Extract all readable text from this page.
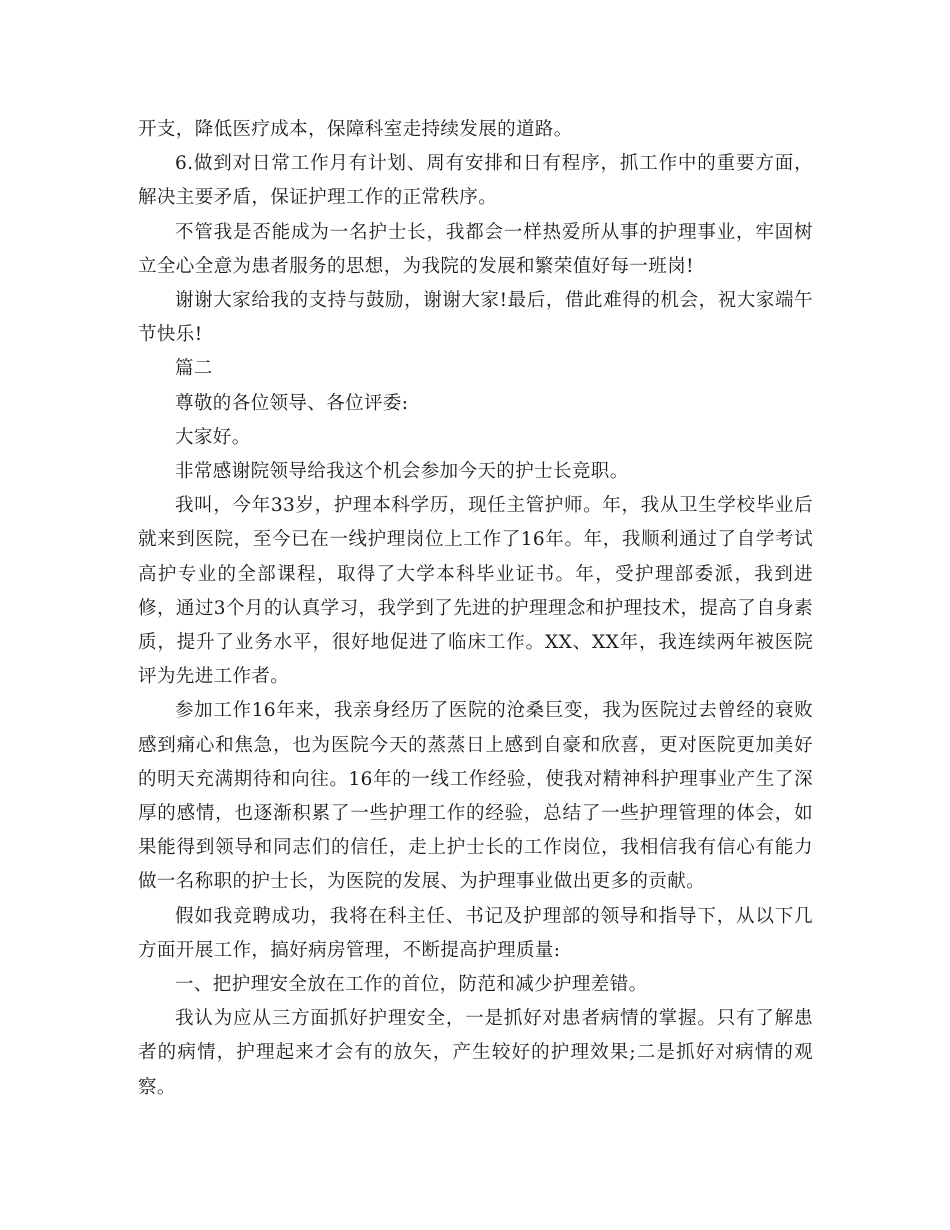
开支，降低医疗成本，保障科室走持续发展的道路。

6.做到对日常工作月有计划、周有安排和日有程序，抓工作中的重要方面，解决主要矛盾，保证护理工作的正常秩序。

不管我是否能成为一名护士长，我都会一样热爱所从事的护理事业，牢固树立全心全意为患者服务的思想，为我院的发展和繁荣值好每一班岗!

谢谢大家给我的支持与鼓励，谢谢大家!最后，借此难得的机会，祝大家端午节快乐!

篇二

尊敬的各位领导、各位评委:

大家好。

非常感谢院领导给我这个机会参加今天的护士长竞职。

我叫，今年33岁，护理本科学历，现任主管护师。年，我从卫生学校毕业后就来到医院，至今已在一线护理岗位上工作了16年。年，我顺利通过了自学考试高护专业的全部课程，取得了大学本科毕业证书。年，受护理部委派，我到进修，通过3个月的认真学习，我学到了先进的护理理念和护理技术，提高了自身素质，提升了业务水平，很好地促进了临床工作。XX、XX年，我连续两年被医院评为先进工作者。

参加工作16年来，我亲身经历了医院的沧桑巨变，我为医院过去曾经的衰败感到痛心和焦急，也为医院今天的蒸蒸日上感到自豪和欣喜，更对医院更加美好的明天充满期待和向往。16年的一线工作经验，使我对精神科护理事业产生了深厚的感情，也逐渐积累了一些护理工作的经验，总结了一些护理管理的体会，如果能得到领导和同志们的信任，走上护士长的工作岗位，我相信我有信心有能力做一名称职的护士长，为医院的发展、为护理事业做出更多的贡献。

假如我竞聘成功，我将在科主任、书记及护理部的领导和指导下，从以下几方面开展工作，搞好病房管理，不断提高护理质量:

一、把护理安全放在工作的首位，防范和减少护理差错。

我认为应从三方面抓好护理安全，一是抓好对患者病情的掌握。只有了解患者的病情，护理起来才会有的放矢，产生较好的护理效果;二是抓好对病情的观察。
